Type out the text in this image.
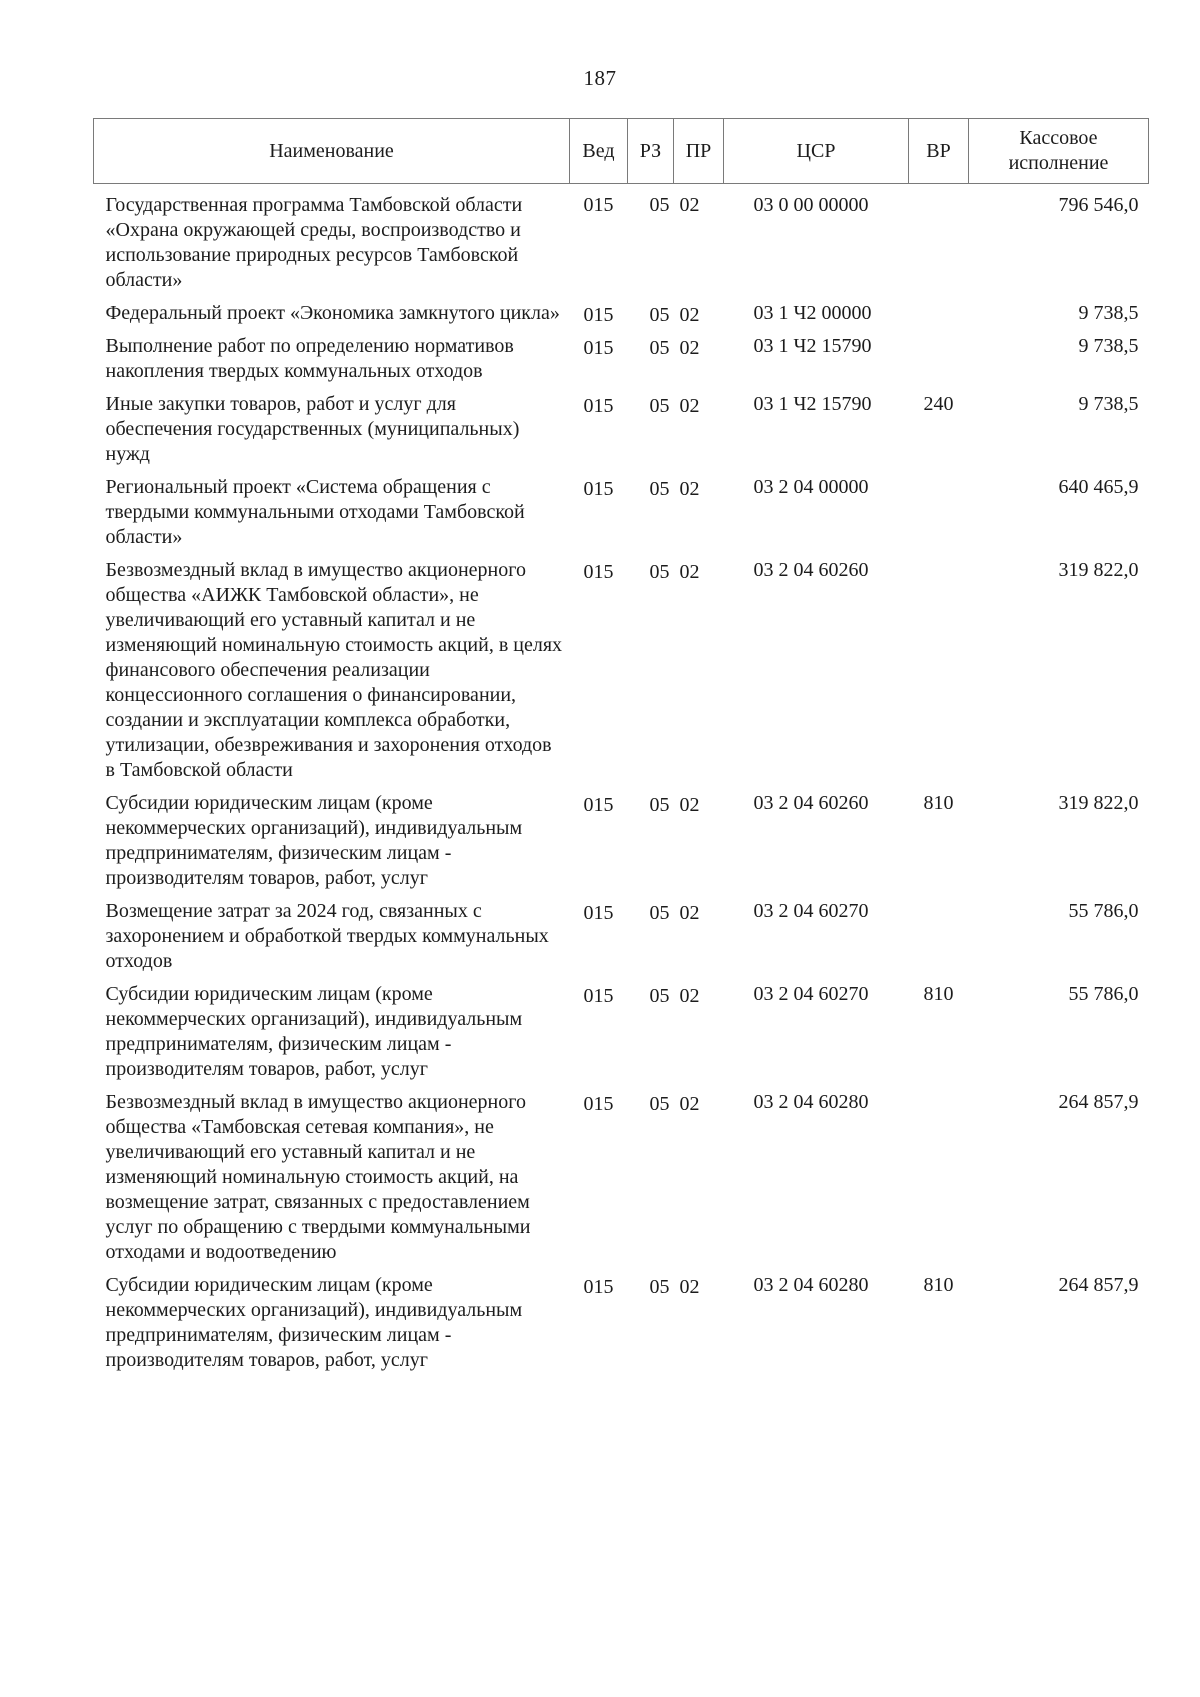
187
Наименование	Вед	РЗ	ПР	ЦСР	ВР	Кассовое исполнение
Государственная программа Тамбовской области «Охрана окружающей среды, воспроизводство и использование природных ресурсов Тамбовской области»	015	05	02	03 0 00 00000		796 546,0
Федеральный проект «Экономика замкнутого цикла»	015	05	02	03 1 Ч2 00000		9 738,5
Выполнение работ по определению нормативов накопления твердых коммунальных отходов	015	05	02	03 1 Ч2 15790		9 738,5
Иные закупки товаров, работ и услуг для обеспечения государственных (муниципальных) нужд	015	05	02	03 1 Ч2 15790	240	9 738,5
Региональный проект «Система обращения с твердыми коммунальными отходами Тамбовской области»	015	05	02	03 2 04 00000		640 465,9
Безвозмездный вклад в имущество акционерного общества «АИЖК Тамбовской области», не увеличивающий его уставный капитал и не изменяющий номинальную стоимость акций, в целях финансового обеспечения реализации концессионного соглашения о финансировании, создании и эксплуатации комплекса обработки, утилизации, обезвреживания и захоронения отходов в Тамбовской области	015	05	02	03 2 04 60260		319 822,0
Субсидии юридическим лицам (кроме некоммерческих организаций), индивидуальным предпринимателям, физическим лицам - производителям товаров, работ, услуг	015	05	02	03 2 04 60260	810	319 822,0
Возмещение затрат за 2024 год, связанных с захоронением и обработкой твердых коммунальных отходов	015	05	02	03 2 04 60270		55 786,0
Субсидии юридическим лицам (кроме некоммерческих организаций), индивидуальным предпринимателям, физическим лицам - производителям товаров, работ, услуг	015	05	02	03 2 04 60270	810	55 786,0
Безвозмездный вклад в имущество акционерного общества «Тамбовская сетевая компания», не увеличивающий его уставный капитал и не изменяющий номинальную стоимость акций, на возмещение затрат, связанных с предоставлением услуг по обращению с твердыми коммунальными отходами и водоотведению	015	05	02	03 2 04 60280		264 857,9
Субсидии юридическим лицам (кроме некоммерческих организаций), индивидуальным предпринимателям, физическим лицам - производителям товаров, работ, услуг	015	05	02	03 2 04 60280	810	264 857,9
